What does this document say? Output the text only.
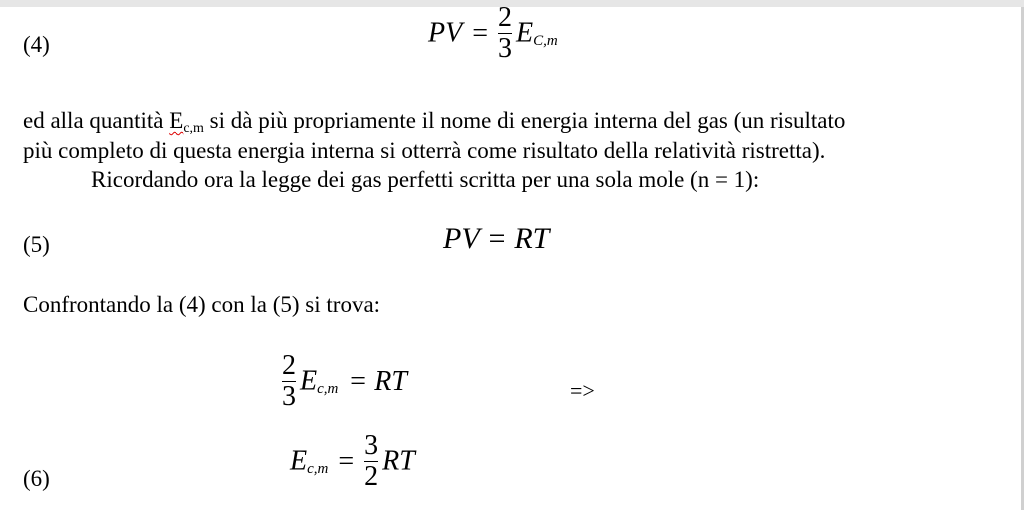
(4)	PV = $\frac{2}{3} EC,m$
ed alla quantità Ec,m si dà più propriamente il nome di energia interna del gas (un risultato
più completo di questa energia interna si otterrà come risultato della relatività ristretta).
Ricordando ora la legge dei gas perfetti scritta per una sola mole (n = 1):
(5)	PV = RT
Confrontando la (4) con la (5) si trova:
$\frac{2}{3} Ec,m$ = RT	=>
(6)
$Ec,m = \frac{3}{2}$ RT
